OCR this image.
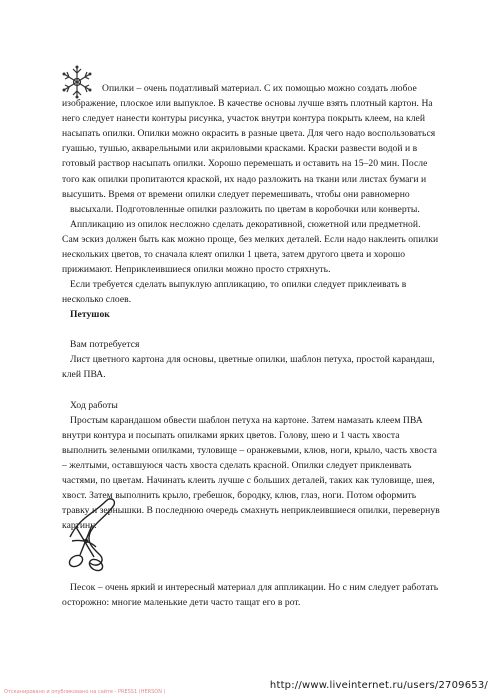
Опилки – очень податливый материал. С их помощью можно создать любое

изображение, плоское или выпуклое. В качестве основы лучше взять плотный картон. На

него следует нанести контуры рисунка, участок внутри контура покрыть клеем, на клей

насыпать опилки. Опилки можно окрасить в разные цвета. Для чего надо воспользоваться

гуашью, тушью, акварельными или акриловыми красками. Краски развести водой и в

готовый раствор насыпать опилки. Хорошо перемешать и оставить на 15–20 мин. После

того как опилки пропитаются краской, их надо разложить на ткани или листах бумаги и

высушить. Время от времени опилки следует перемешивать, чтобы они равномерно

высыхали. Подготовленные опилки разложить по цветам в коробочки или конверты.

Аппликацию из опилок несложно сделать декоративной, сюжетной или предметной.

Сам эскиз должен быть как можно проще, без мелких деталей. Если надо наклеить опилки

нескольких цветов, то сначала клеят опилки 1 цвета, затем другого цвета и хорошо

прижимают. Неприклеившиеся опилки можно просто стряхнуть.

Если требуется сделать выпуклую аппликацию, то опилки следует приклеивать в

несколько слоев.

Петушок

Вам потребуется

Лист цветного картона для основы, цветные опилки, шаблон петуха, простой карандаш,

клей ПВА.

Ход работы

Простым карандашом обвести шаблон петуха на картоне. Затем намазать клеем ПВА

внутри контура и посыпать опилками ярких цветов. Голову, шею и 1 часть хвоста

выполнить зелеными опилками, туловище – оранжевыми, клюв, ноги, крыло, часть хвоста

– желтыми, оставшуюся часть хвоста сделать красной. Опилки следует приклеивать

частями, по цветам. Начинать клеить лучше с больших деталей, таких как туловище, шея,

хвост. Затем выполнить крыло, гребешок, бородку, клюв, глаз, ноги. Потом оформить

травку и зернышки. В последнюю очередь смахнуть неприклеившиеся опилки, перевернув

картину.

Песок – очень яркий и интересный материал для аппликации. Но с ним следует работать

осторожно: многие маленькие дети часто тащат его в рот.

Отсканировано и опубликовано на сайте - PRESS1 (HERSON )
http://www.liveinternet.ru/users/2709653/
